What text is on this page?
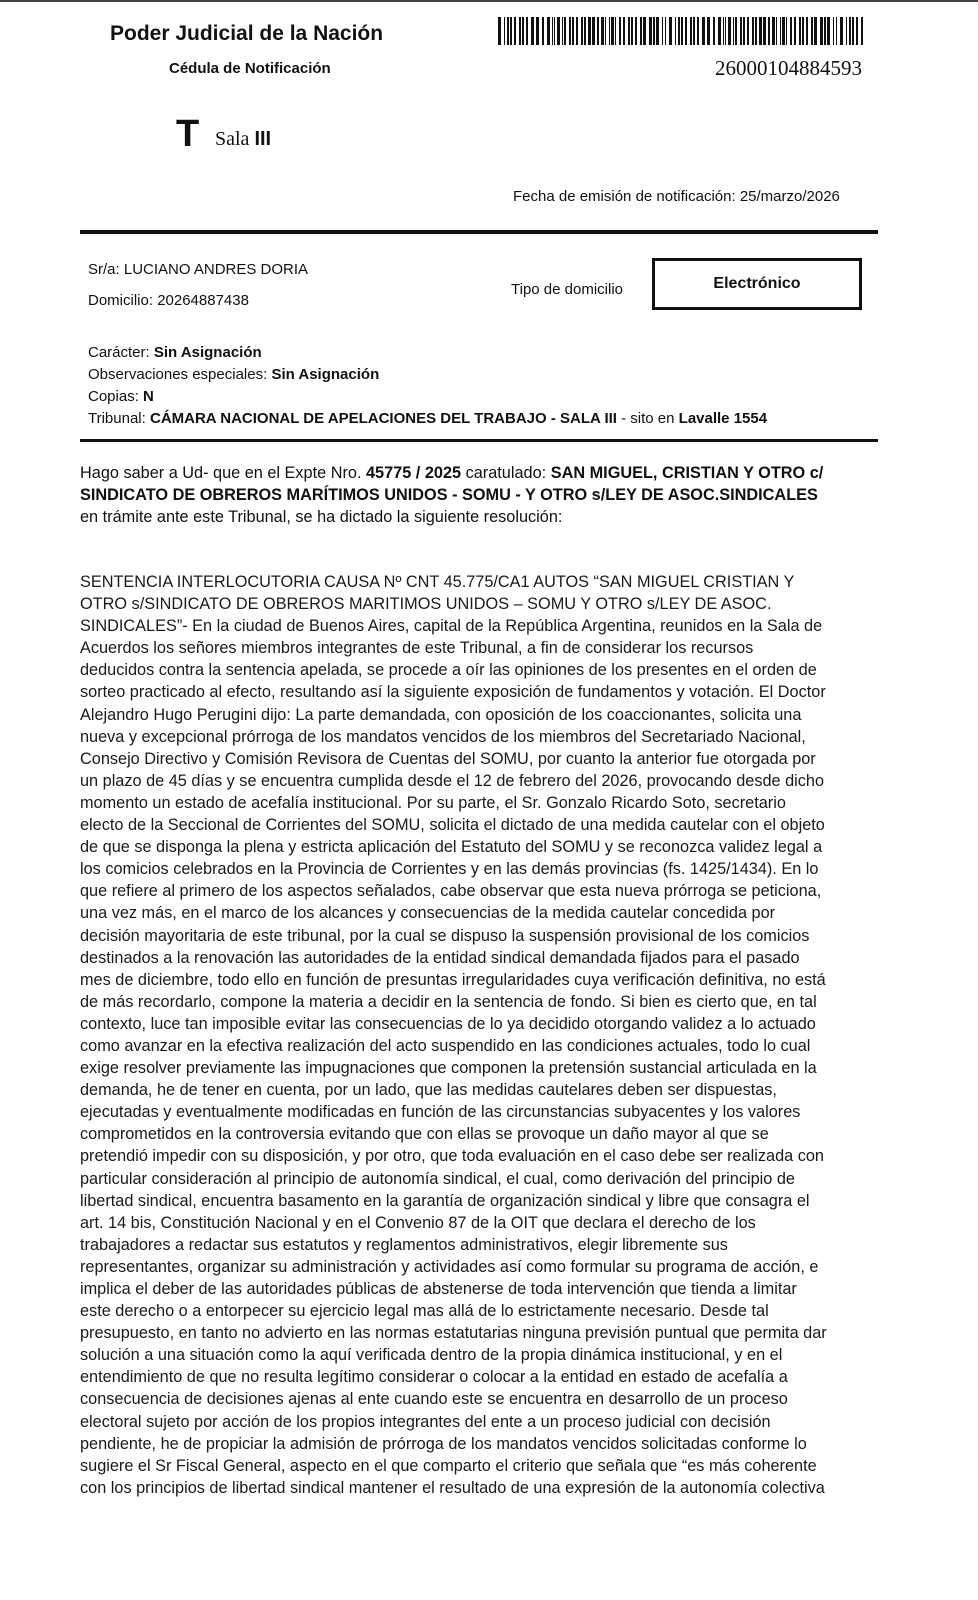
Poder Judicial de la Nación
Cédula de Notificación	26000104884593
T Sala III
Fecha de emisión de notificación: 25/marzo/2026
Sr/a: LUCIANO ANDRES DORIA
Domicilio: 20264887438
Tipo de domicilio	Electrónico
Carácter: Sin Asignación
Observaciones especiales: Sin Asignación
Copias: N
Tribunal: CÁMARA NACIONAL DE APELACIONES DEL TRABAJO - SALA III - sito en Lavalle 1554
Hago saber a Ud- que en el Expte Nro. 45775 / 2025 caratulado: SAN MIGUEL, CRISTIAN Y OTRO c/
SINDICATO DE OBREROS MARÍTIMOS UNIDOS - SOMU - Y OTRO s/LEY DE ASOC.SINDICALES
en trámite ante este Tribunal, se ha dictado la siguiente resolución:

SENTENCIA INTERLOCUTORIA CAUSA Nº CNT 45.775/CA1 AUTOS “SAN MIGUEL CRISTIAN Y

OTRO s/SINDICATO DE OBREROS MARITIMOS UNIDOS – SOMU Y OTRO s/LEY DE ASOC.

SINDICALES”- En la ciudad de Buenos Aires, capital de la República Argentina, reunidos en la Sala de

Acuerdos los señores miembros integrantes de este Tribunal, a fin de considerar los recursos

deducidos contra la sentencia apelada, se procede a oír las opiniones de los presentes en el orden de

sorteo practicado al efecto, resultando así la siguiente exposición de fundamentos y votación. El Doctor

Alejandro Hugo Perugini dijo: La parte demandada, con oposición de los coaccionantes, solicita una

nueva y excepcional prórroga de los mandatos vencidos de los miembros del Secretariado Nacional,

Consejo Directivo y Comisión Revisora de Cuentas del SOMU, por cuanto la anterior fue otorgada por

un plazo de 45 días y se encuentra cumplida desde el 12 de febrero del 2026, provocando desde dicho

momento un estado de acefalía institucional. Por su parte, el Sr. Gonzalo Ricardo Soto, secretario

electo de la Seccional de Corrientes del SOMU, solicita el dictado de una medida cautelar con el objeto

de que se disponga la plena y estricta aplicación del Estatuto del SOMU y se reconozca validez legal a

los comicios celebrados en la Provincia de Corrientes y en las demás provincias (fs. 1425/1434). En lo

que refiere al primero de los aspectos señalados, cabe observar que esta nueva prórroga se peticiona,

una vez más, en el marco de los alcances y consecuencias de la medida cautelar concedida por

decisión mayoritaria de este tribunal, por la cual se dispuso la suspensión provisional de los comicios

destinados a la renovación las autoridades de la entidad sindical demandada fijados para el pasado

mes de diciembre, todo ello en función de presuntas irregularidades cuya verificación definitiva, no está

de más recordarlo, compone la materia a decidir en la sentencia de fondo. Si bien es cierto que, en tal

contexto, luce tan imposible evitar las consecuencias de lo ya decidido otorgando validez a lo actuado

como avanzar en la efectiva realización del acto suspendido en las condiciones actuales, todo lo cual

exige resolver previamente las impugnaciones que componen la pretensión sustancial articulada en la

demanda, he de tener en cuenta, por un lado, que las medidas cautelares deben ser dispuestas,

ejecutadas y eventualmente modificadas en función de las circunstancias subyacentes y los valores

comprometidos en la controversia evitando que con ellas se provoque un daño mayor al que se

pretendió impedir con su disposición, y por otro, que toda evaluación en el caso debe ser realizada con

particular consideración al principio de autonomía sindical, el cual, como derivación del principio de

libertad sindical, encuentra basamento en la garantía de organización sindical y libre que consagra el

art. 14 bis, Constitución Nacional y en el Convenio 87 de la OIT que declara el derecho de los

trabajadores a redactar sus estatutos y reglamentos administrativos, elegir libremente sus

representantes, organizar su administración y actividades así como formular su programa de acción, e

implica el deber de las autoridades públicas de abstenerse de toda intervención que tienda a limitar

este derecho o a entorpecer su ejercicio legal mas allá de lo estrictamente necesario. Desde tal

presupuesto, en tanto no advierto en las normas estatutarias ninguna previsión puntual que permita dar

solución a una situación como la aquí verificada dentro de la propia dinámica institucional, y en el

entendimiento de que no resulta legítimo considerar o colocar a la entidad en estado de acefalía a

consecuencia de decisiones ajenas al ente cuando este se encuentra en desarrollo de un proceso

electoral sujeto por acción de los propios integrantes del ente a un proceso judicial con decisión

pendiente, he de propiciar la admisión de prórroga de los mandatos vencidos solicitadas conforme lo

sugiere el Sr Fiscal General, aspecto en el que comparto el criterio que señala que “es más coherente

con los principios de libertad sindical mantener el resultado de una expresión de la autonomía colectiva
